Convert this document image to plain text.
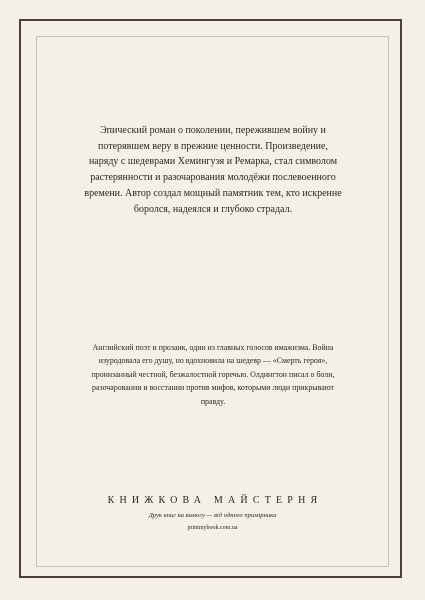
Эпический роман о поколении, пережившем войну и потерявшем веру в прежние ценности. Произведение, наряду с шедеврами Хемингуэя и Ремарка, стал символом растерянности и разочарования молодёжи послевоенного времени. Автор создал мощный памятник тем, кто искренне боролся, надеялся и глубоко страдал.

Английский поэт и прозаик, один из главных голосов имажизма. Война изуродовала его душу, но вдохновила на шедевр — «Смерть героя», пронизанный честной, безжалостной горечью. Олдингтон писал о боли, разочаровании и восстании против мифов, которыми люди прикрывают правду.

КНИЖКОВА МАЙСТЕРНЯ
Друк книг на вимогу — від одного примірника
printmybook.com.ua
